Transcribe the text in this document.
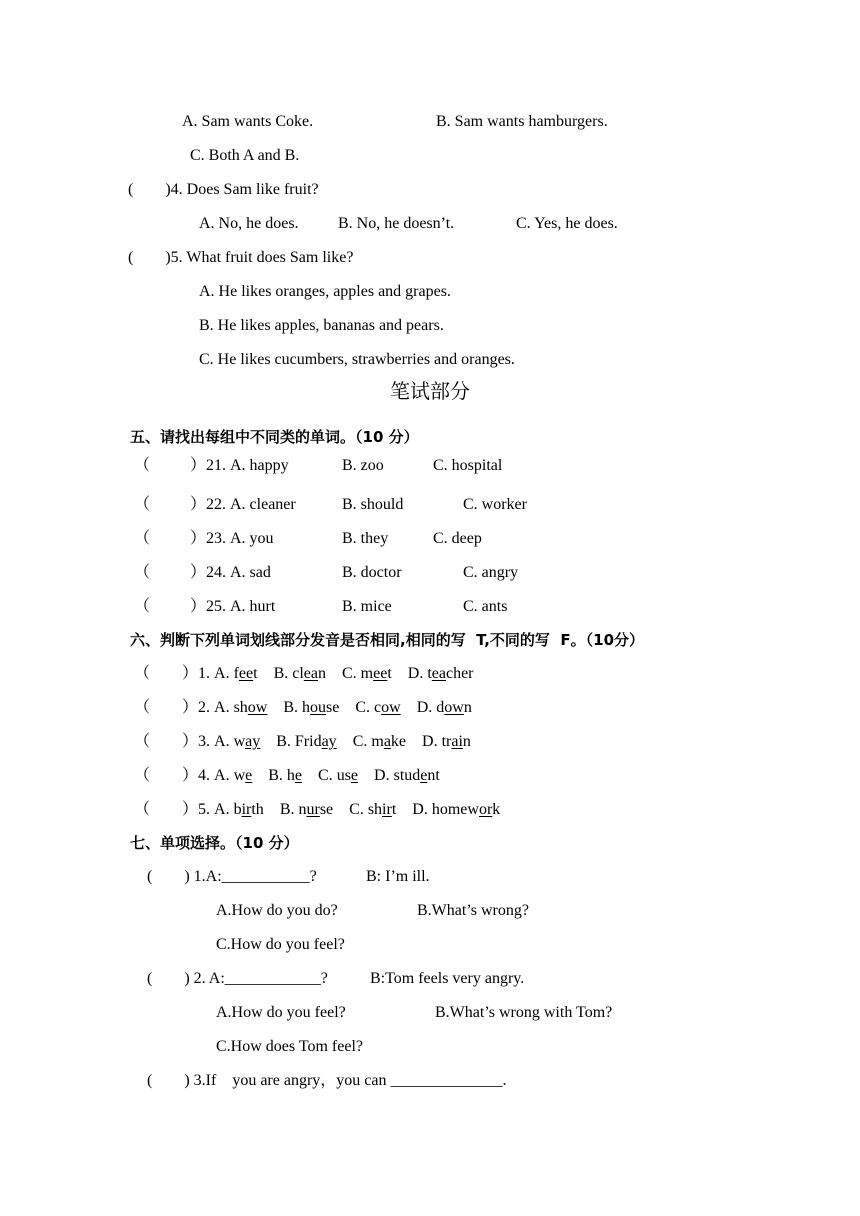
A. Sam wants Coke.	B. Sam wants hamburgers.
C. Both A and B.
(        )4. Does Sam like fruit?
A. No, he does. B. No, he doesn’t.	C. Yes, he does.
(        )5. What fruit does Sam like?
A. He likes oranges, apples and grapes.
B. He likes apples, bananas and pears.
C. He likes cucumbers, strawberries and oranges.
笔试部分
五、请找出每组中不同类的单词。（10 分）
（          ）21. A. happy	B. zoo	C. hospital
（          ）22. A. cleaner	B. should	C. worker
（          ）23. A. you	B. they	C. deep
（          ）24. A. sad	B. doctor	C. angry
（          ）25. A. hurt	B. mice	C. ants
六、判断下列单词划线部分发音是否相同,相同的写  T,不同的写  F。（10分）
（        ）1. A. feet    B. clean    C. meet    D. teacher
（        ）2. A. show B. house    C. cow D. down
（        ）3. A. way B. Friday C. make    D. train
（        ）4. A. we B. he C. use D. student
（        ）5. A. birth    B. nurse    C. shirt    D. homework
七、单项选择。（10 分）
(        ) 1.A:___________?	B: I’m ill.
A.How do you do?	B.What’s wrong?
C.How do you feel?
(        ) 2. A:____________?	B:Tom feels very angry.
A.How do you feel?	B.What’s wrong with Tom?
C.How does Tom feel?
(        ) 3.If    you are angry，you can ______________.
